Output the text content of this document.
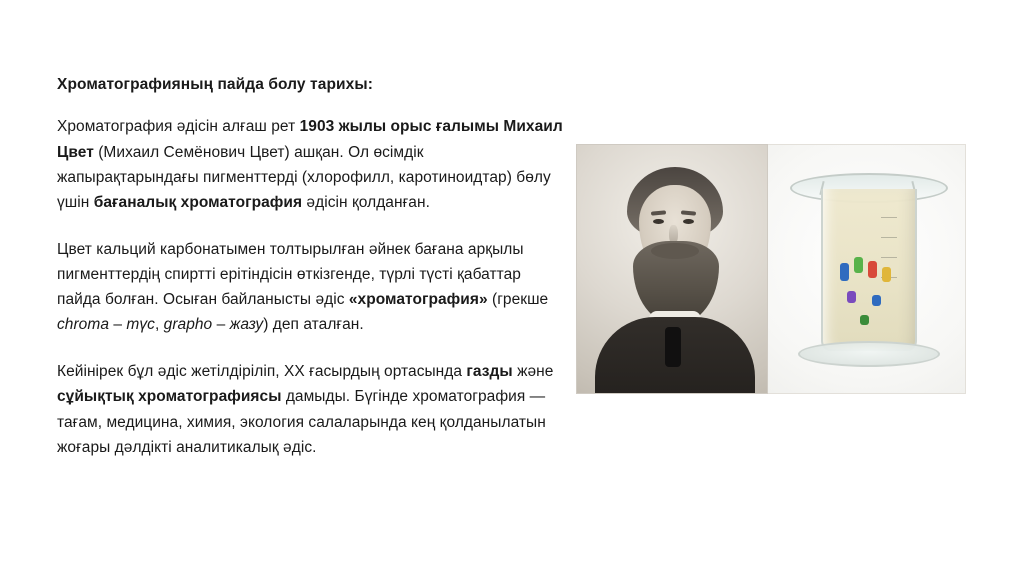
Хроматографияның пайда болу тарихы:

Хроматография әдісін алғаш рет 1903 жылы орыс ғалымы Михаил Цвет (Михаил Семёнович Цвет) ашқан. Ол өсімдік жапырақтарындағы пигменттерді (хлорофилл, каротиноидтар) бөлу үшін бағаналық хроматография әдісін қолданған.

Цвет кальций карбонатымен толтырылған әйнек бағана арқылы пигменттердің спиртті ерітіндісін өткізгенде, түрлі түсті қабаттар пайда болған. Осыған байланысты әдіс «хроматография» (грекше chroma – түс, grapho – жазу) деп аталған.

Кейінірек бұл әдіс жетілдіріліп, XX ғасырдың ортасында газды және сұйықтық хроматографиясы дамыды. Бүгінде хроматография — тағам, медицина, химия, экология салаларында кең қолданылатын жоғары дәлдікті аналитикалық әдіс.
